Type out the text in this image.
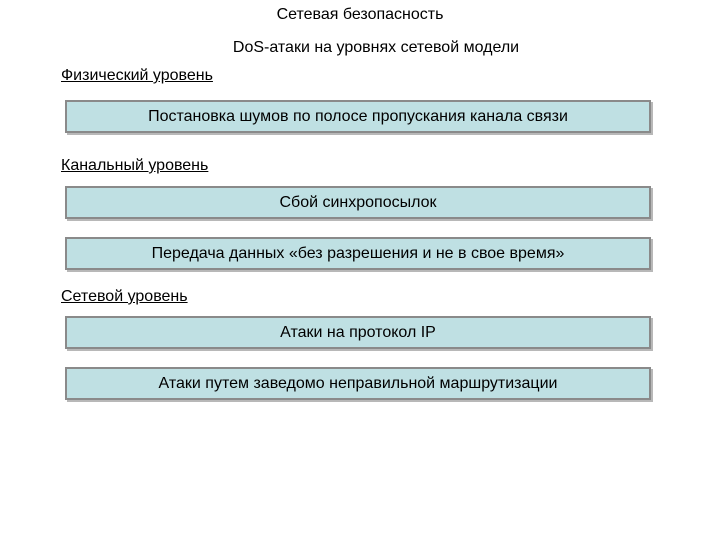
Сетевая безопасность
DoS-атаки на уровнях сетевой модели
Физический уровень
Постановка шумов по полосе пропускания канала связи
Канальный уровень
Сбой синхропосылок
Передача данных «без разрешения и не в свое время»
Сетевой уровень
Атаки на протокол IP
Атаки путем заведомо неправильной маршрутизации
